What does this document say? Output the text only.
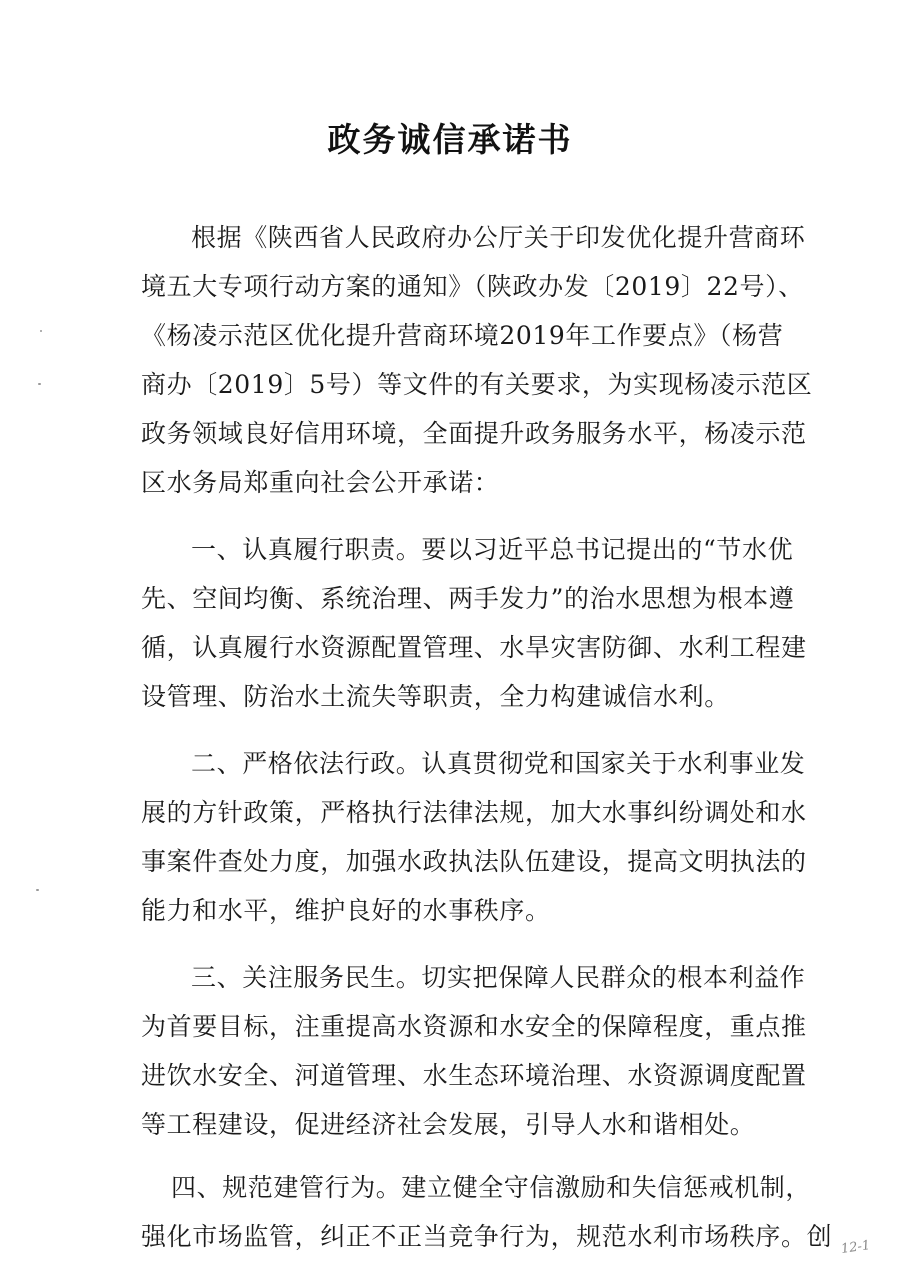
政务诚信承诺书
根据《陕西省人民政府办公厅关于印发优化提升营商环
境五大专项行动方案的通知》（陕政办发〔2019〕22号）、
《杨凌示范区优化提升营商环境2019年工作要点》（杨营
商办〔2019〕5号）等文件的有关要求，为实现杨凌示范区
政务领域良好信用环境，全面提升政务服务水平，杨凌示范
区水务局郑重向社会公开承诺：
一、认真履行职责。要以习近平总书记提出的“节水优
先、空间均衡、系统治理、两手发力”的治水思想为根本遵
循，认真履行水资源配置管理、水旱灾害防御、水利工程建
设管理、防治水土流失等职责，全力构建诚信水利。
二、严格依法行政。认真贯彻党和国家关于水利事业发
展的方针政策，严格执行法律法规，加大水事纠纷调处和水
事案件查处力度，加强水政执法队伍建设，提高文明执法的
能力和水平，维护良好的水事秩序。
三、关注服务民生。切实把保障人民群众的根本利益作
为首要目标，注重提高水资源和水安全的保障程度，重点推
进饮水安全、河道管理、水生态环境治理、水资源调度配置
等工程建设，促进经济社会发展，引导人水和谐相处。
四、规范建管行为。建立健全守信激励和失信惩戒机制，
强化市场监管，纠正不正当竞争行为，规范水利市场秩序。创 12-1
